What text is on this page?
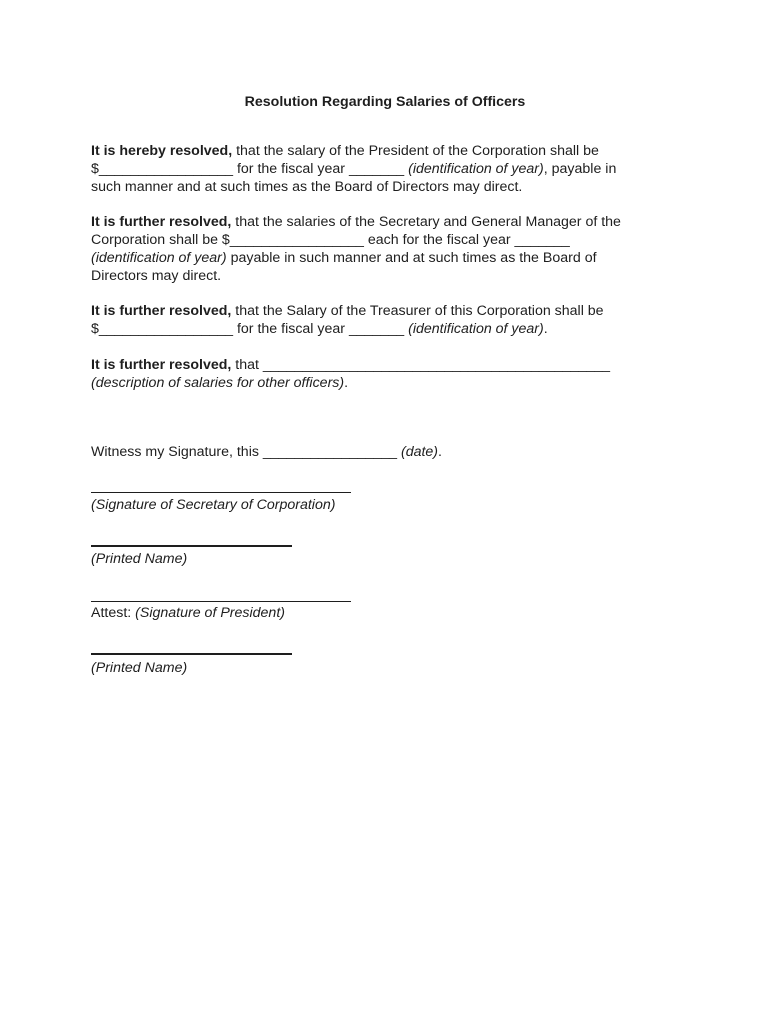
Resolution Regarding Salaries of Officers
It is hereby resolved, that the salary of the President of the Corporation shall be
$_________________ for the fiscal year _______ (identification of year), payable in
such manner and at such times as the Board of Directors may direct.
It is further resolved, that the salaries of the Secretary and General Manager of the
Corporation shall be $_________________ each for the fiscal year _______
(identification of year) payable in such manner and at such times as the Board of
Directors may direct.
It is further resolved, that the Salary of the Treasurer of this Corporation shall be
$_________________ for the fiscal year _______ (identification of year).
It is further resolved, that ____________________________________________
(description of salaries for other officers).
Witness my Signature, this _________________ (date).
(Signature of Secretary of Corporation)
(Printed Name)
Attest: (Signature of President)
(Printed Name)
